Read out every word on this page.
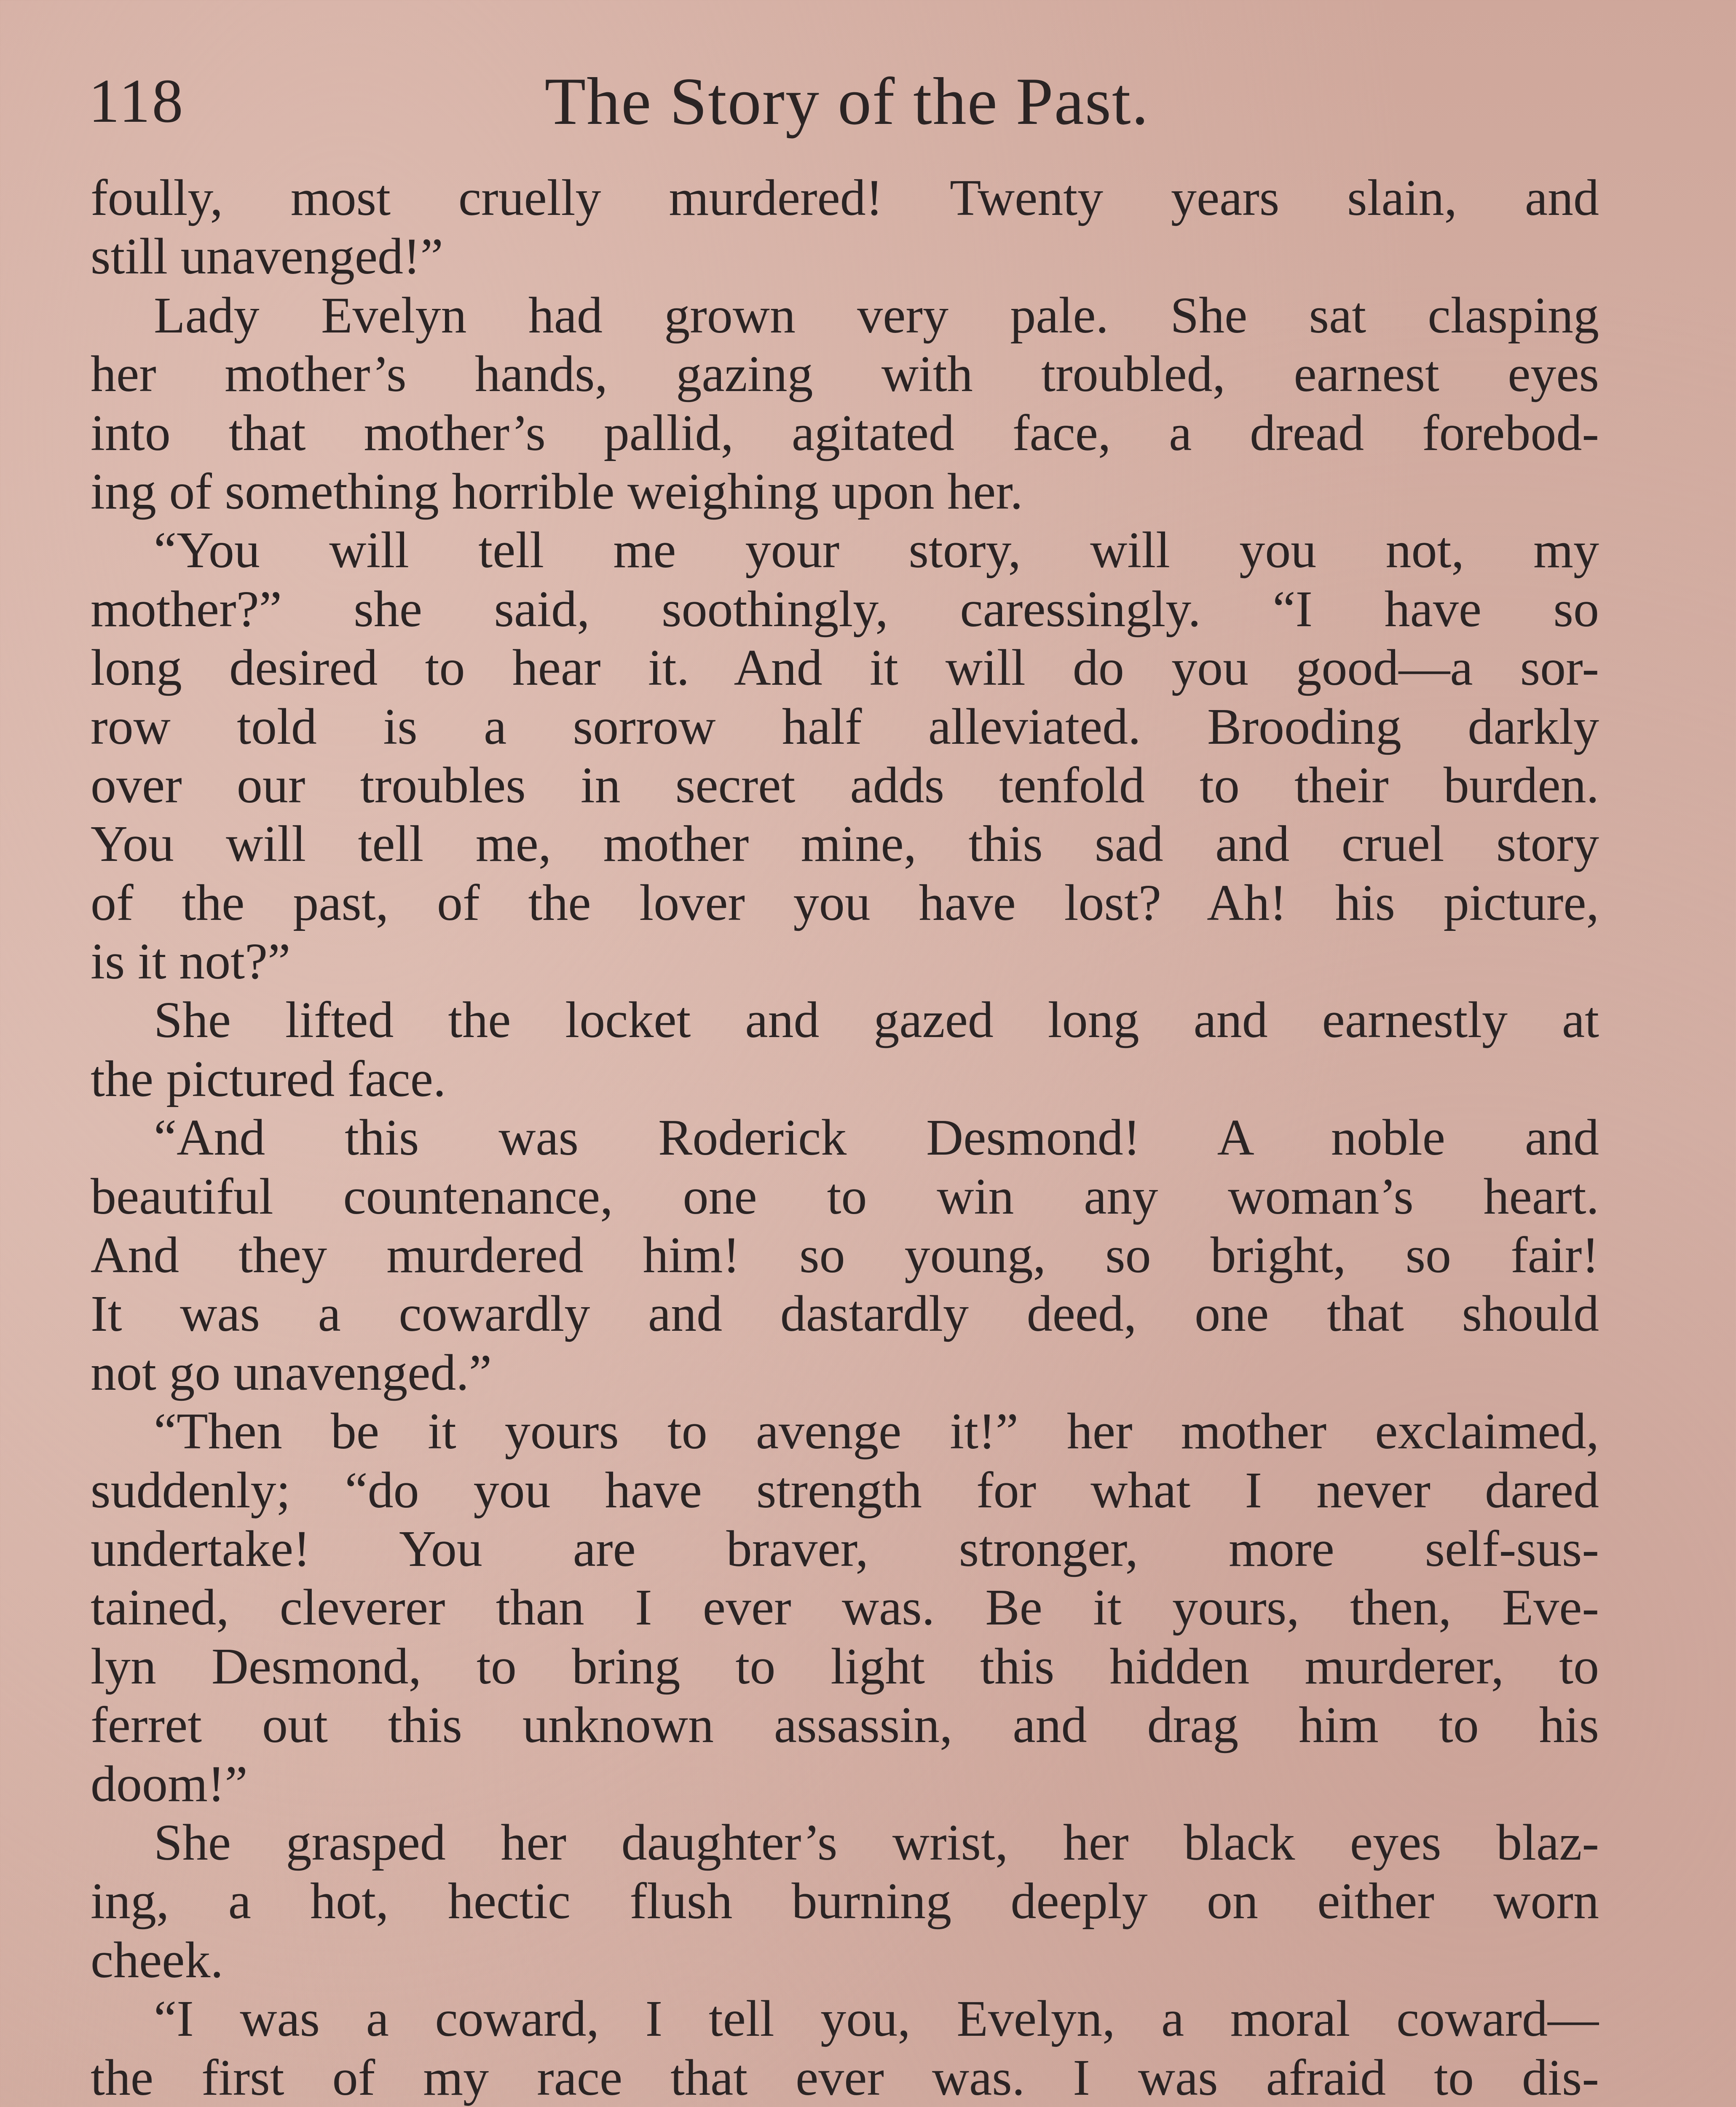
118	The Story of the Past.
foully, most cruelly murdered! Twenty years slain, and
still unavenged!”
Lady Evelyn had grown very pale. She sat clasping
her mother’s hands, gazing with troubled, earnest eyes
into that mother’s pallid, agitated face, a dread forebod-
ing of something horrible weighing upon her.
“You will tell me your story, will you not, my
mother?” she said, soothingly, caressingly. “I have so
long desired to hear it. And it will do you good—a sor-
row told is a sorrow half alleviated. Brooding darkly
over our troubles in secret adds tenfold to their burden.
You will tell me, mother mine, this sad and cruel story
of the past, of the lover you have lost? Ah! his picture,
is it not?”
She lifted the locket and gazed long and earnestly at
the pictured face.
“And this was Roderick Desmond! A noble and
beautiful countenance, one to win any woman’s heart.
And they murdered him! so young, so bright, so fair!
It was a cowardly and dastardly deed, one that should
not go unavenged.”
“Then be it yours to avenge it!” her mother exclaimed,
suddenly; “do you have strength for what I never dared
undertake! You are braver, stronger, more self-sus-
tained, cleverer than I ever was. Be it yours, then, Eve-
lyn Desmond, to bring to light this hidden murderer, to
ferret out this unknown assassin, and drag him to his
doom!”
She grasped her daughter’s wrist, her black eyes blaz-
ing, a hot, hectic flush burning deeply on either worn
cheek.
“I was a coward, I tell you, Evelyn, a moral coward—
the first of my race that ever was. I was afraid to dis-
